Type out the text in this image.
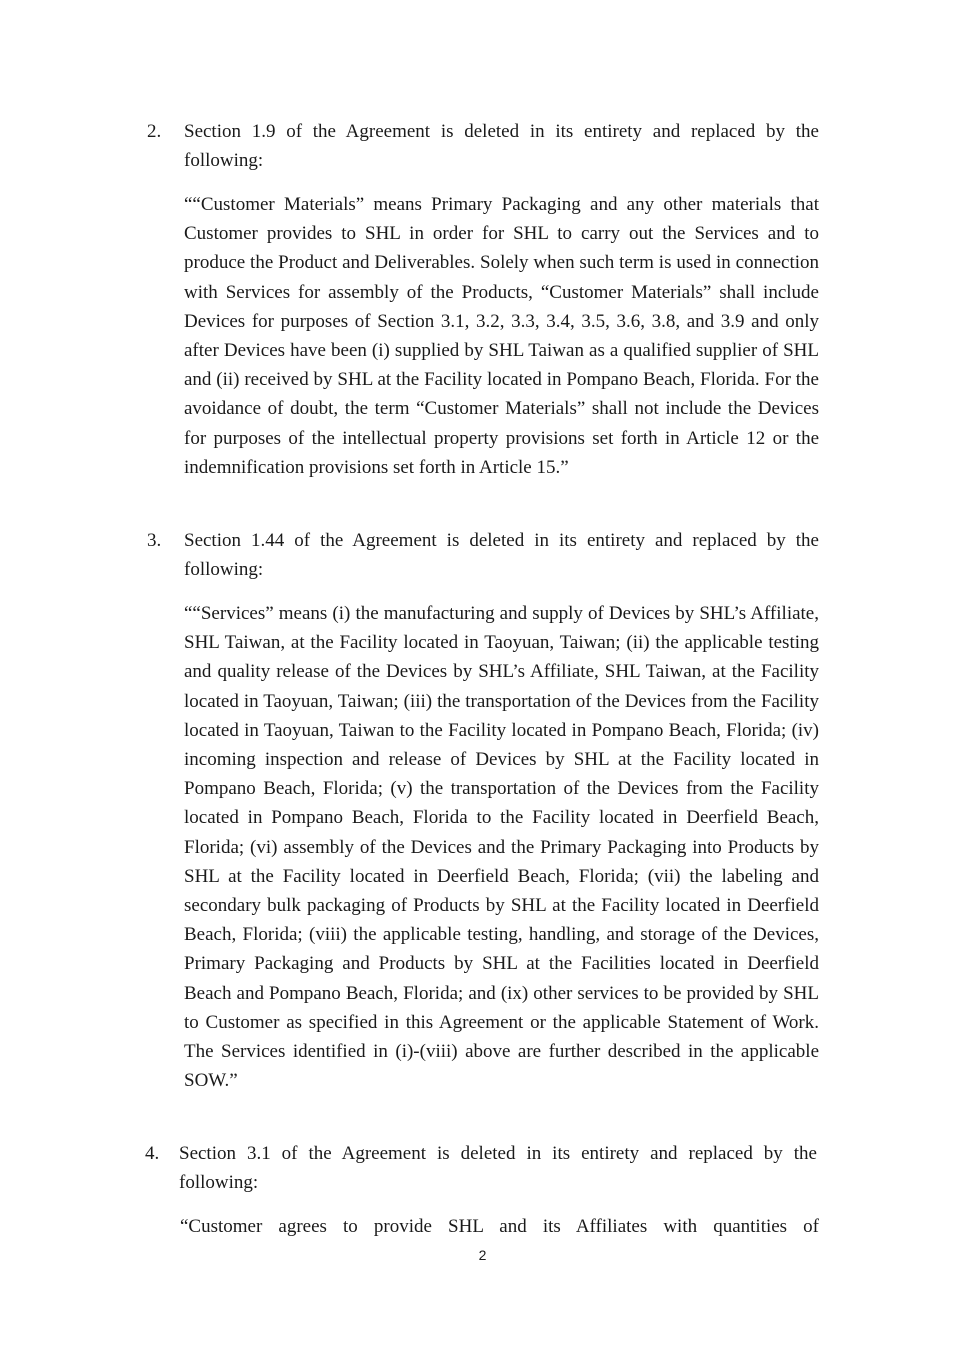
2. Section 1.9 of the Agreement is deleted in its entirety and replaced by the following:
““Customer Materials” means Primary Packaging and any other materials that Customer provides to SHL in order for SHL to carry out the Services and to produce the Product and Deliverables. Solely when such term is used in connection with Services for assembly of the Products, “Customer Materials” shall include Devices for purposes of Section 3.1, 3.2, 3.3, 3.4, 3.5, 3.6, 3.8, and 3.9 and only after Devices have been (i) supplied by SHL Taiwan as a qualified supplier of SHL and (ii) received by SHL at the Facility located in Pompano Beach, Florida. For the avoidance of doubt, the term “Customer Materials” shall not include the Devices for purposes of the intellectual property provisions set forth in Article 12 or the indemnification provisions set forth in Article 15.”
3. Section 1.44 of the Agreement is deleted in its entirety and replaced by the following:
““Services” means (i) the manufacturing and supply of Devices by SHL’s Affiliate, SHL Taiwan, at the Facility located in Taoyuan, Taiwan; (ii) the applicable testing and quality release of the Devices by SHL’s Affiliate, SHL Taiwan, at the Facility located in Taoyuan, Taiwan; (iii) the transportation of the Devices from the Facility located in Taoyuan, Taiwan to the Facility located in Pompano Beach, Florida; (iv) incoming inspection and release of Devices by SHL at the Facility located in Pompano Beach, Florida; (v) the transportation of the Devices from the Facility located in Pompano Beach, Florida to the Facility located in Deerfield Beach, Florida; (vi) assembly of the Devices and the Primary Packaging into Products by SHL at the Facility located in Deerfield Beach, Florida; (vii) the labeling and secondary bulk packaging of Products by SHL at the Facility located in Deerfield Beach, Florida; (viii) the applicable testing, handling, and storage of the Devices, Primary Packaging and Products by SHL at the Facilities located in Deerfield Beach and Pompano Beach, Florida; and (ix) other services to be provided by SHL to Customer as specified in this Agreement or the applicable Statement of Work. The Services identified in (i)-(viii) above are further described in the applicable SOW.”
4. Section 3.1 of the Agreement is deleted in its entirety and replaced by the following:
“Customer agrees to provide SHL and its Affiliates with quantities of
2
